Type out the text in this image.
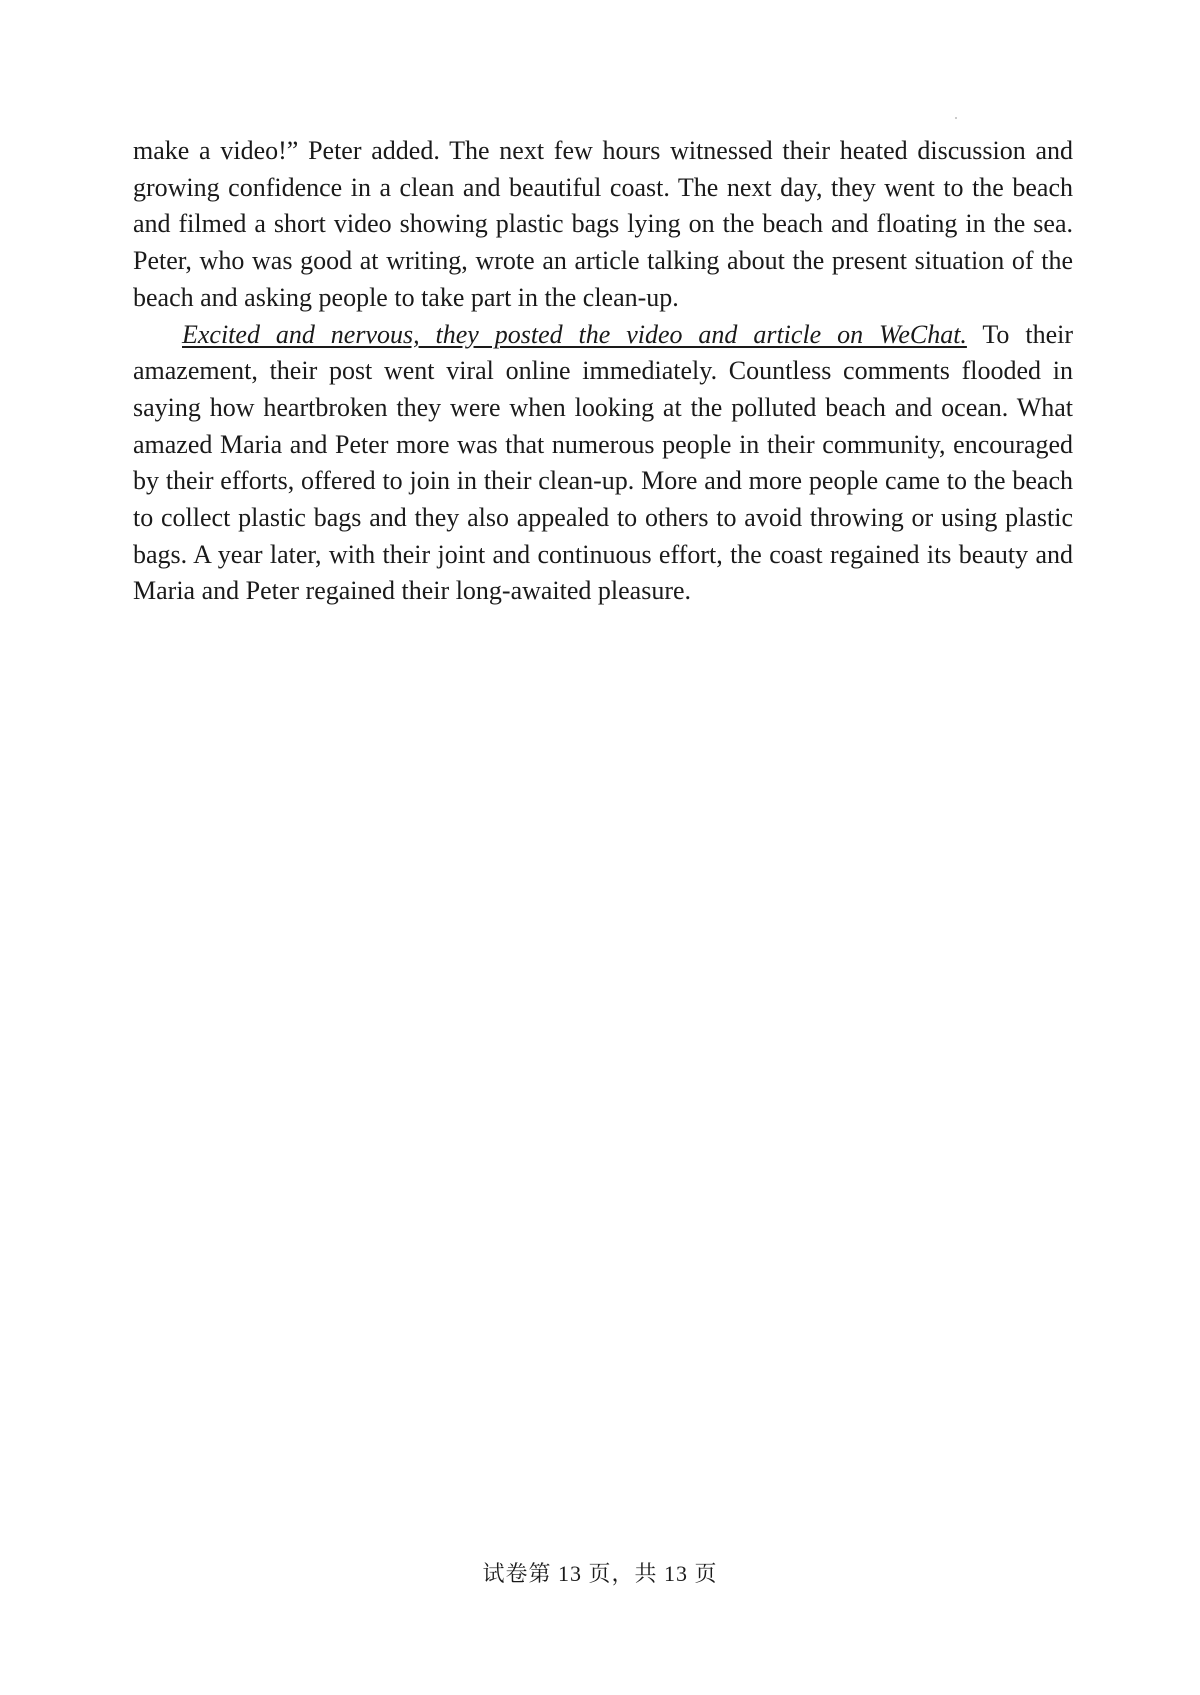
make a video!” Peter added. The next few hours witnessed their heated discussion and growing confidence in a clean and beautiful coast. The next day, they went to the beach and filmed a short video showing plastic bags lying on the beach and floating in the sea. Peter, who was good at writing, wrote an article talking about the present situation of the beach and asking people to take part in the clean-up.

Excited and nervous, they posted the video and article on WeChat. To their amazement, their post went viral online immediately. Countless comments flooded in saying how heartbroken they were when looking at the polluted beach and ocean. What amazed Maria and Peter more was that numerous people in their community, encouraged by their efforts, offered to join in their clean-up. More and more people came to the beach to collect plastic bags and they also appealed to others to avoid throwing or using plastic bags. A year later, with their joint and continuous effort, the coast regained its beauty and Maria and Peter regained their long-awaited pleasure.

试卷第 13 页，共 13 页
